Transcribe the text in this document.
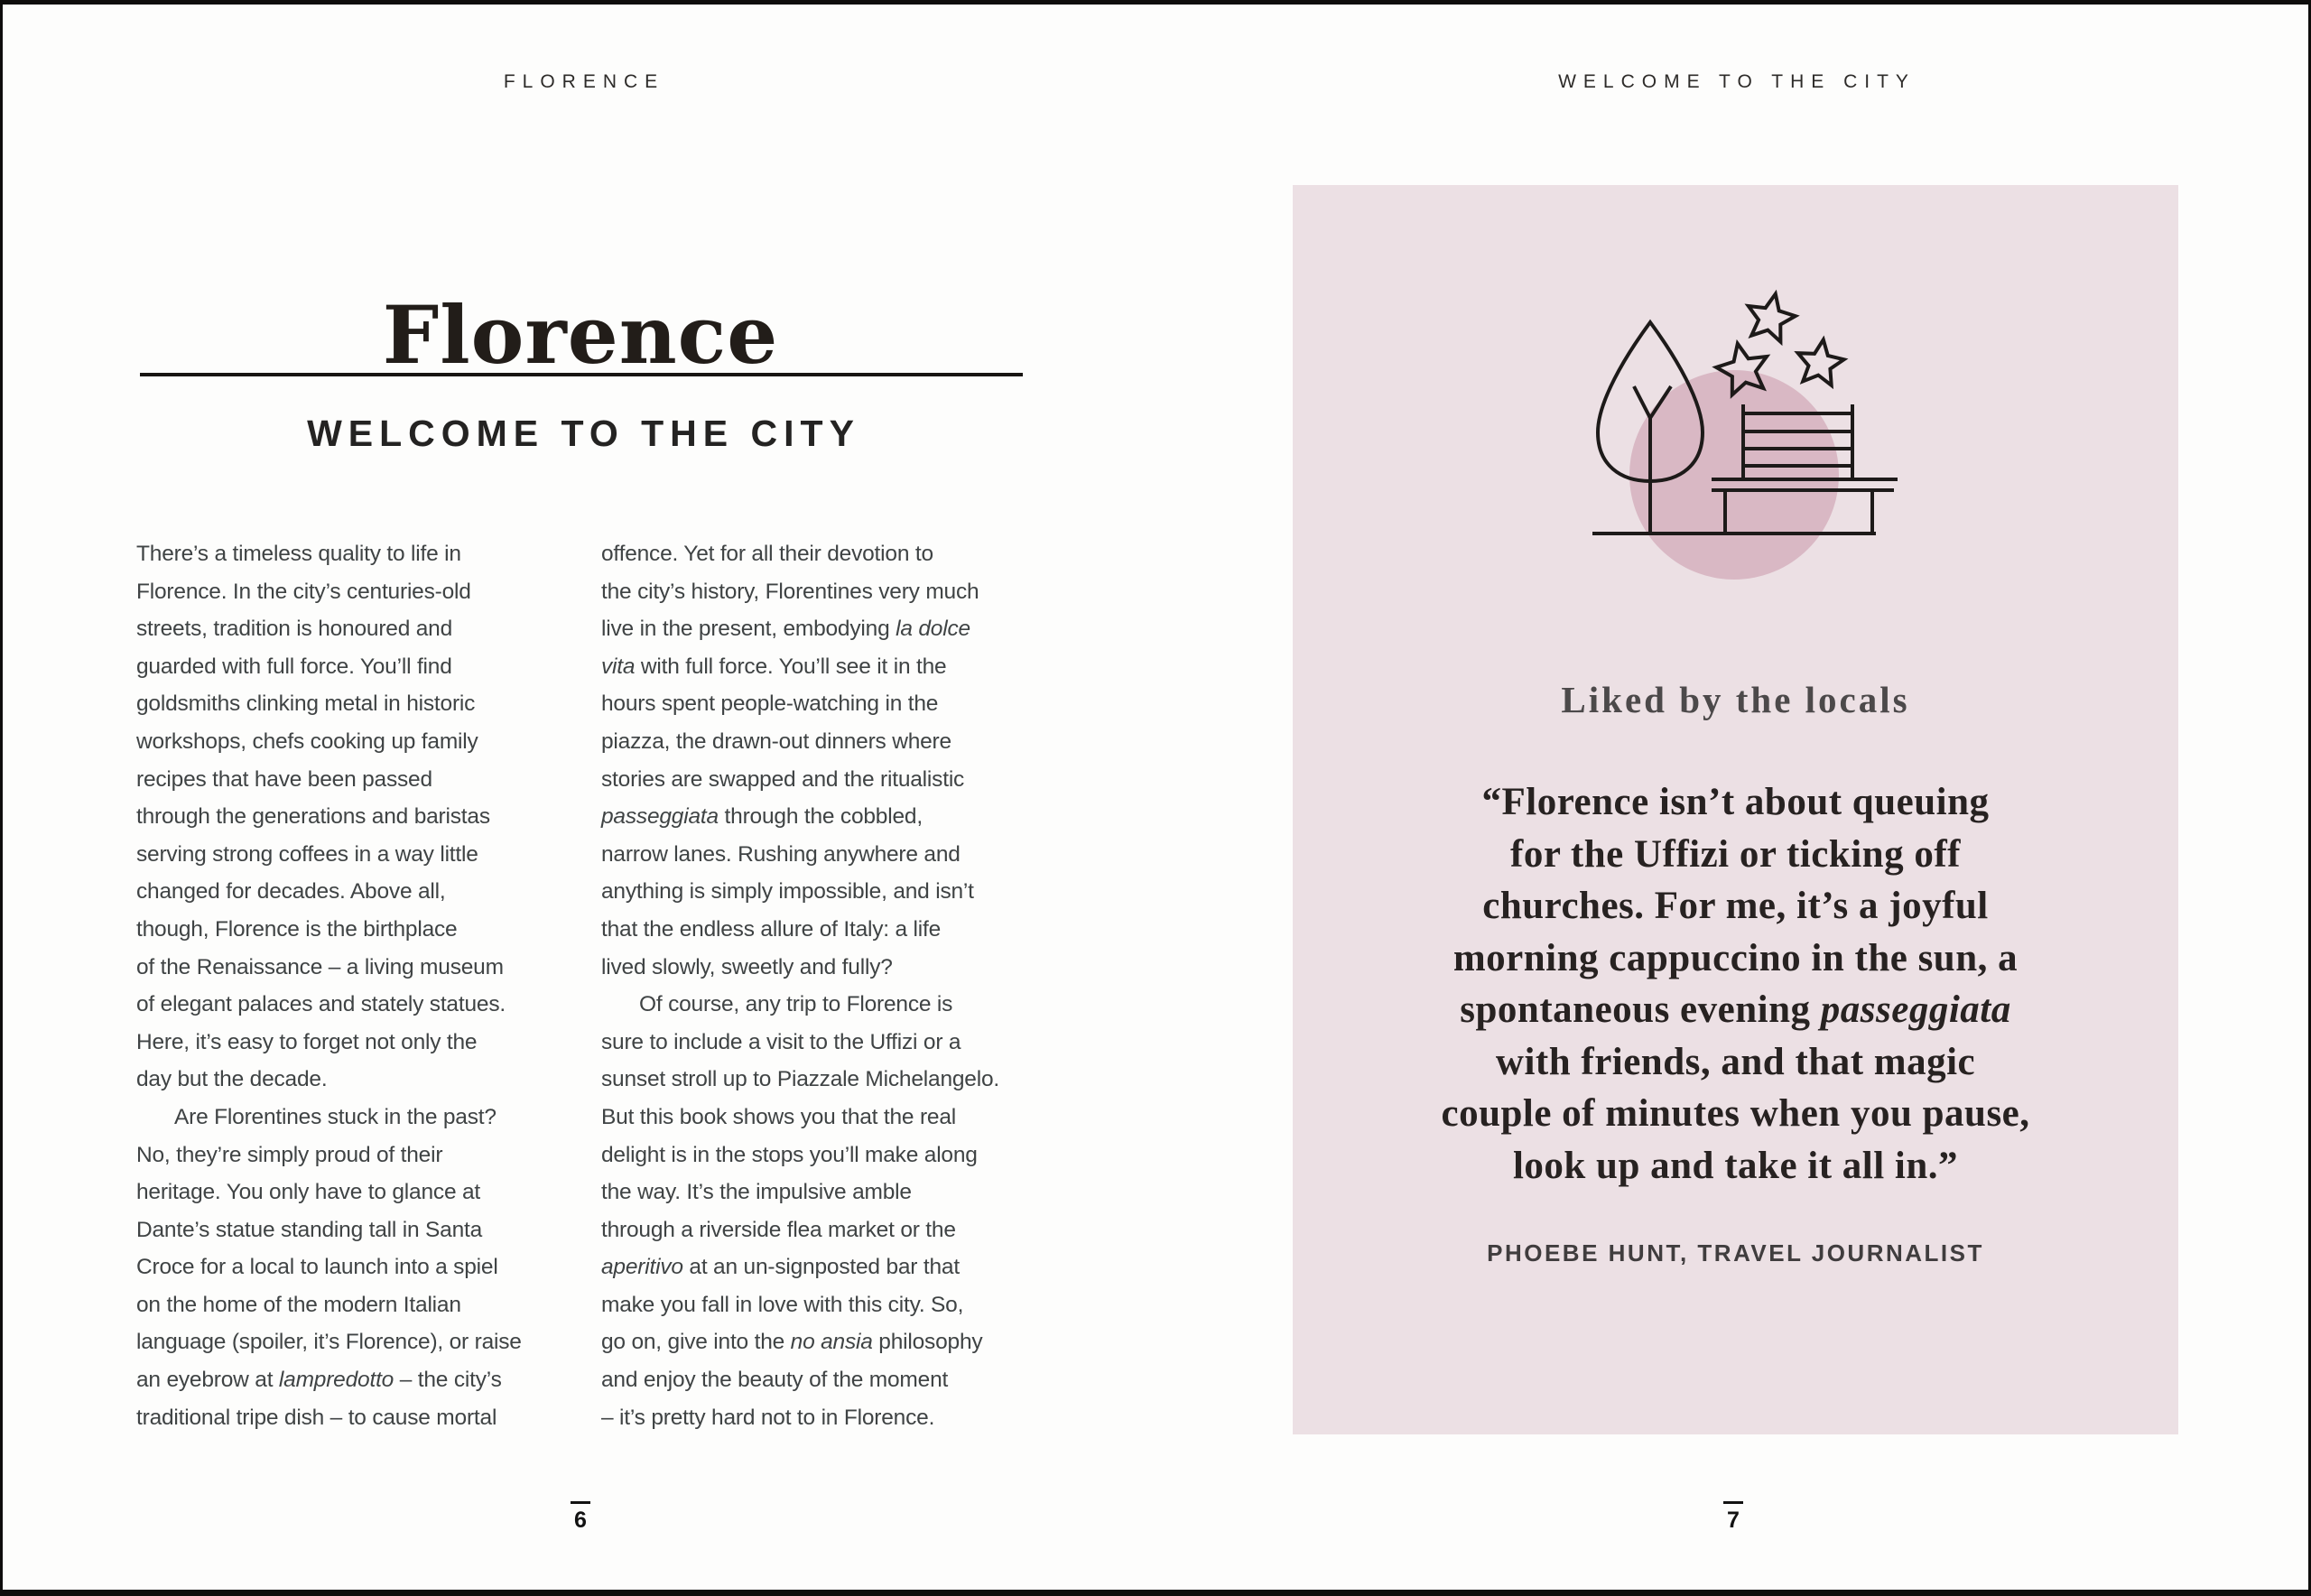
FLORENCE
Florence
WELCOME TO THE CITY
There’s a timeless quality to life in
Florence. In the city’s centuries-old
streets, tradition is honoured and
guarded with full force. You’ll find
goldsmiths clinking metal in historic
workshops, chefs cooking up family
recipes that have been passed
through the generations and baristas
serving strong coffees in a way little
changed for decades. Above all,
though, Florence is the birthplace
of the Renaissance – a living museum
of elegant palaces and stately statues.
Here, it’s easy to forget not only the
day but the decade.
Are Florentines stuck in the past?
No, they’re simply proud of their
heritage. You only have to glance at
Dante’s statue standing tall in Santa
Croce for a local to launch into a spiel
on the home of the modern Italian
language (spoiler, it’s Florence), or raise
an eyebrow at lampredotto – the city’s
traditional tripe dish – to cause mortal
offence. Yet for all their devotion to
the city’s history, Florentines very much
live in the present, embodying la dolce
vita with full force. You’ll see it in the
hours spent people-watching in the
piazza, the drawn-out dinners where
stories are swapped and the ritualistic
passeggiata through the cobbled,
narrow lanes. Rushing anywhere and
anything is simply impossible, and isn’t
that the endless allure of Italy: a life
lived slowly, sweetly and fully?
Of course, any trip to Florence is
sure to include a visit to the Uffizi or a
sunset stroll up to Piazzale Michelangelo.
But this book shows you that the real
delight is in the stops you’ll make along
the way. It’s the impulsive amble
through a riverside flea market or the
aperitivo at an un-signposted bar that
make you fall in love with this city. So,
go on, give into the no ansia philosophy
and enjoy the beauty of the moment
– it’s pretty hard not to in Florence.
6
WELCOME TO THE CITY
Liked by the locals
“Florence isn’t about queuing
for the Uffizi or ticking off
churches. For me, it’s a joyful
morning cappuccino in the sun, a
spontaneous evening passeggiata
with friends, and that magic
couple of minutes when you pause,
look up and take it all in.”
PHOEBE HUNT, TRAVEL JOURNALIST
7
